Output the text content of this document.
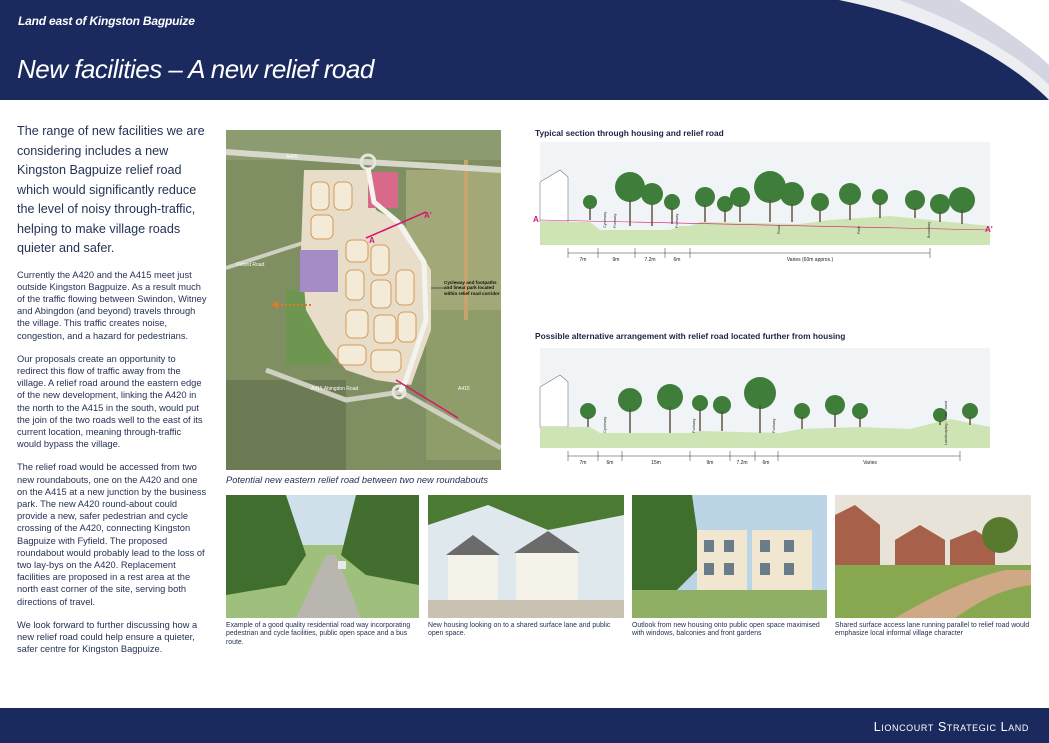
Land east of Kingston Bagpuize
New facilities – A new relief road

The range of new facilities we are considering includes a new Kingston Bagpuize relief road which would significantly reduce the level of noisy through-traffic, helping to make village roads quieter and safer.

Currently the A420 and the A415 meet just outside Kingston Bagpuize. As a result much of the traffic flowing between Swindon, Witney and Abingdon (and beyond) travels through the village. This traffic creates noise, congestion, and a hazard for pedestrians.

Our proposals create an opportunity to redirect this flow of traffic away from the village. A relief road around the eastern edge of the new development, linking the A420 in the north to the A415 in the south, would put the join of the two roads well to the east of its current location, meaning through-traffic would bypass the village.

The relief road would be accessed from two new roundabouts, one on the A420 and one on the A415 at a new junction by the business park. The new A420 round-about could provide a new, safer pedestrian and cycle crossing of the A420, connecting Kingston Bagpuize with Fyfield. The proposed roundabout would probably lead to the loss of two lay-bys on the A420. Replacement facilities are proposed in a rest area at the north east corner of the site, serving both directions of travel.

We look forward to further discussing how a new relief road could help ensure a quieter, safer centre for Kingston Bagpuize.

A
A'
A420
Oxford Road
A415 Abingdon Road	A415
Cycleway and footpaths and linear park located within relief road corridor
Potential new eastern relief road between two new roundabouts
Typical section through housing and relief road
A
A'
Cycleway Footway	Footway
Road	Path	Boundary
7m	9m	7.2m	6m	Varies (60m approx.)
Possible alternative arrangement with relief road located further from housing
Cycleway	Footway	Footway	Landscaping / Noise bund
7m	6m	15m	9m	7.2m	6m	Varies
Example of a good quality residential road way incorporating pedestrian and cycle facilities, public open space and a bus route.
New housing looking on to a shared surface lane and public open space.
Outlook from new housing onto public open space maximised with windows, balconies and front gardens
Shared surface access lane running parallel to relief road would emphasize local informal village character
Lioncourt Strategic Land
